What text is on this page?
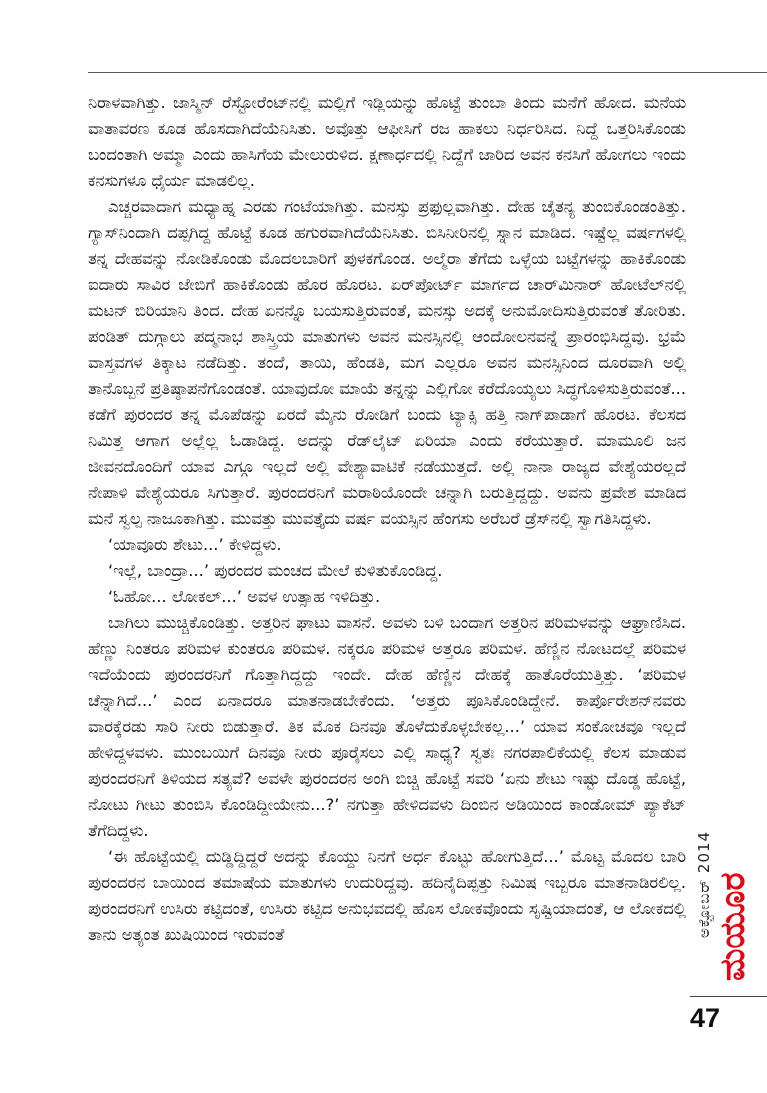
ನಿರಾಳವಾಗಿತ್ತು. ಜಾಸ್ಮಿನ್ ರೆಸ್ಟೋರೆಂಟ್‌ನಲ್ಲಿ ಮಲ್ಲಿಗೆ ಇಡ್ಲಿಯನ್ನು ಹೊಟ್ಟೆ ತುಂಬಾ ತಿಂದು ಮನೆಗೆ ಹೋದ. ಮನೆಯ ವಾತಾವರಣ ಕೂಡ ಹೊಸದಾಗಿದೆಯೆನಿಸಿತು. ಅವೊತ್ತು ಆಫೀಸಿಗೆ ರಜ ಹಾಕಲು ನಿರ್ಧರಿಸಿದ. ನಿದ್ದೆ ಒತ್ತರಿಸಿಕೊಂಡು ಬಂದಂತಾಗಿ ಅಮ್ಮಾ ಎಂದು ಹಾಸಿಗೆಯ ಮೇಲುರುಳಿದ. ಕ್ಷಣಾರ್ಧದಲ್ಲಿ ನಿದ್ದೆಗೆ ಜಾರಿದ ಅವನ ಕನಸಿಗೆ ಹೋಗಲು ಇಂದು ಕನಸುಗಳೂ ಧೈರ್ಯ ಮಾಡಲಿಲ್ಲ.

ಎಚ್ಚರವಾದಾಗ ಮಧ್ಯಾಹ್ನ ಎರಡು ಗಂಟೆಯಾಗಿತ್ತು. ಮನಸ್ಸು ಪ್ರಫುಲ್ಲವಾಗಿತ್ತು. ದೇಹ ಚೈತನ್ಯ ತುಂಬಿಕೊಂಡಂತಿತ್ತು. ಗ್ಯಾಸ್‌ನಿಂದಾಗಿ ದಪ್ಪಗಿದ್ದ ಹೊಟ್ಟೆ ಕೂಡ ಹಗುರವಾಗಿದೆಯೆನಿಸಿತು. ಬಿಸಿನೀರಿನಲ್ಲಿ ಸ್ನಾನ ಮಾಡಿದ. ಇಷ್ಟೆಲ್ಲ ವರ್ಷಗಳಲ್ಲಿ ತನ್ನ ದೇಹವನ್ನು ನೋಡಿಕೊಂಡು ಮೊದಲಬಾರಿಗೆ ಪುಳಕಗೊಂಡ. ಅಲ್ಮೆರಾ ತೆಗೆದು ಒಳ್ಳೆಯ ಬಟ್ಟೆಗಳನ್ನು ಹಾಕಿಕೊಂಡು ಐದಾರು ಸಾವಿರ ಜೇಬಿಗೆ ಹಾಕಿಕೊಂಡು ಹೊರ ಹೊರಟ. ಏರ್‌ಪೋರ್ಟ್ ಮಾರ್ಗದ ಚಾರ್‌ಮಿನಾರ್ ಹೋಟೆಲ್‌ನಲ್ಲಿ ಮಟನ್ ಬಿರಿಯಾನಿ ತಿಂದ. ದೇಹ ಏನನ್ನೊ ಬಯಸುತ್ತಿರುವಂತೆ, ಮನಸ್ಸು ಅದಕ್ಕೆ ಅನುಮೋದಿಸುತ್ತಿರುವಂತೆ ತೋರಿತು. ಪಂಡಿತ್ ದುಗ್ಗಾಲು ಪದ್ಮನಾಭ ಶಾಸ್ತ್ರಿಯ ಮಾತುಗಳು ಅವನ ಮನಸ್ಸಿನಲ್ಲಿ ಆಂದೋಲನವನ್ನೆ ಪ್ರಾರಂಭಿಸಿದ್ದವು. ಭ್ರಮೆ ವಾಸ್ತವಗಳ ತಿಕ್ಕಾಟ ನಡೆದಿತ್ತು. ತಂದೆ, ತಾಯಿ, ಹೆಂಡತಿ, ಮಗ ಎಲ್ಲರೂ ಅವನ ಮನಸ್ಸಿನಿಂದ ದೂರವಾಗಿ ಅಲ್ಲಿ ತಾನೊಬ್ಬನೆ ಪ್ರತಿಷ್ಠಾಪನೆಗೊಂಡಂತೆ. ಯಾವುದೋ ಮಾಯೆ ತನ್ನನ್ನು ಎಲ್ಲಿಗೋ ಕರೆದೊಯ್ಯಲು ಸಿದ್ಧಗೊಳಿಸುತ್ತಿರುವಂತೆ... ಕಡೆಗೆ ಪುರಂದರ ತನ್ನ ಮೊಪೆಡನ್ನು ಏರದೆ ಮೈನು ರೋಡಿಗೆ ಬಂದು ಟ್ಯಾಕ್ಸಿ ಹತ್ತಿ ನಾಗ್‌ಪಾಡಾಗೆ ಹೊರಟ. ಕೆಲಸದ ನಿಮಿತ್ತ ಆಗಾಗ ಅಲ್ಲೆಲ್ಲ ಓಡಾಡಿದ್ದ. ಅದನ್ನು ರೆಡ್‌ಲೈಟ್ ಏರಿಯಾ ಎಂದು ಕರೆಯುತ್ತಾರೆ. ಮಾಮೂಲಿ ಜನ ಜೀವನದೊಂದಿಗೆ ಯಾವ ಎಗ್ಗೂ ಇಲ್ಲದೆ ಅಲ್ಲಿ ವೇಶ್ಯಾವಾಟಿಕೆ ನಡೆಯುತ್ತದೆ. ಅಲ್ಲಿ ನಾನಾ ರಾಜ್ಯದ ವೇಶ್ಯೆಯರಲ್ಲದೆ ನೇಪಾಳಿ ವೇಶ್ಯೆಯರೂ ಸಿಗುತ್ತಾರೆ. ಪುರಂದರನಿಗೆ ಮರಾಠಿಯೊಂದೇ ಚನ್ನಾಗಿ ಬರುತ್ತಿದ್ದದ್ದು. ಅವನು ಪ್ರವೇಶ ಮಾಡಿದ ಮನೆ ಸ್ವಲ್ಪ ನಾಜೂಕಾಗಿತ್ತು. ಮುವತ್ತು ಮುವತ್ತೈದು ವರ್ಷ ವಯಸ್ಸಿನ ಹೆಂಗಸು ಅರೆಬರೆ ಡ್ರೆಸ್‌ನಲ್ಲಿ ಸ್ವಾಗತಿಸಿದ್ದಳು.

‘ಯಾವೂರು ಶೇಟು...’ ಕೇಳಿದ್ದಳು.

‘ಇಲ್ಲೆ, ಬಾಂದ್ರಾ...’ ಪುರಂದರ ಮಂಚದ ಮೇಲೆ ಕುಳಿತುಕೊಂಡಿದ್ದ.

‘ಓಹೋ... ಲೋಕಲ್...’ ಅವಳ ಉತ್ಸಾಹ ಇಳಿದಿತ್ತು.

ಬಾಗಿಲು ಮುಚ್ಚಿಕೊಂಡಿತ್ತು. ಅತ್ತರಿನ ಘಾಟು ವಾಸನೆ. ಅವಳು ಬಳಿ ಬಂದಾಗ ಅತ್ತರಿನ ಪರಿಮಳವನ್ನು ಆಘ್ರಾಣಿಸಿದ. ಹೆಣ್ಣು ನಿಂತರೂ ಪರಿಮಳ ಕುಂತರೂ ಪರಿಮಳ. ನಕ್ಕರೂ ಪರಿಮಳ ಅತ್ತರೂ ಪರಿಮಳ. ಹೆಣ್ಣಿನ ನೋಟದಲ್ಲೆ ಪರಿಮಳ ಇದೆಯೆಂದು ಪುರಂದರನಿಗೆ ಗೊತ್ತಾಗಿದ್ದದ್ದು ಇಂದೇ. ದೇಹ ಹೆಣ್ಣಿನ ದೇಹಕ್ಕೆ ಹಾತೊರೆಯುತ್ತಿತ್ತು. ‘ಪರಿಮಳ ಚೆನ್ನಾಗಿದೆ...’ ಎಂದ ಏನಾದರೂ ಮಾತನಾಡಬೇಕೆಂದು. ‘ಅತ್ತರು ಪೂಸಿಕೊಂಡಿದ್ದೇನೆ. ಕಾರ್ಪೊರೇಶನ್‌ನವರು ವಾರಕ್ಕೆರಡು ಸಾರಿ ನೀರು ಬಿಡುತ್ತಾರೆ. ತಿಕ ಮೊಕ ದಿನವೂ ತೊಳೆದುಕೊಳ್ಳಬೇಕಲ್ಲ...’ ಯಾವ ಸಂಕೋಚವೂ ಇಲ್ಲದೆ ಹೇಳಿದ್ದಳವಳು. ಮುಂಬಯಿಗೆ ದಿನವೂ ನೀರು ಪೂರೈಸಲು ಎಲ್ಲಿ ಸಾಧ್ಯ? ಸ್ವತಃ ನಗರಪಾಲಿಕೆಯಲ್ಲಿ ಕೆಲಸ ಮಾಡುವ ಪುರಂದರನಿಗೆ ತಿಳಿಯದ ಸತ್ಯವೆ? ಅವಳೇ ಪುರಂದರನ ಅಂಗಿ ಬಿಚ್ಚಿ ಹೊಟ್ಟೆ ಸವರಿ ‘ಏನು ಶೇಟು ಇಷ್ಟು ದೊಡ್ಡ ಹೊಟ್ಟೆ, ನೋಟು ಗೀಟು ತುಂಬಿಸಿ ಕೊಂಡಿದ್ದೀಯೇನು...?’ ನಗುತ್ತಾ ಹೇಳಿದವಳು ದಿಂಬಿನ ಅಡಿಯಿಂದ ಕಾಂಡೋಮ್ ಪ್ಯಾಕೆಟ್ ತೆಗೆದಿದ್ದಳು.

‘ಈ ಹೊಟ್ಟೆಯಲ್ಲಿ ದುಡ್ಡಿದ್ದಿದ್ದರೆ ಅದನ್ನು ಕೊಯ್ದು ನಿನಗೆ ಅರ್ಧ ಕೊಟ್ಟು ಹೋಗುತ್ತಿದೆ...’ ಮೊಟ್ಟ ಮೊದಲ ಬಾರಿ ಪುರಂದರನ ಬಾಯಿಂದ ತಮಾಷೆಯ ಮಾತುಗಳು ಉದುರಿದ್ದವು. ಹದಿನೈದಿಪ್ಪತ್ತು ನಿಮಿಷ ಇಬ್ಬರೂ ಮಾತನಾಡಿರಲಿಲ್ಲ. ಪುರಂದರನಿಗೆ ಉಸಿರು ಕಟ್ಟಿದಂತೆ, ಉಸಿರು ಕಟ್ಟಿದ ಅನುಭವದಲ್ಲಿ ಹೊಸ ಲೋಕವೊಂದು ಸೃಷ್ಟಿಯಾದಂತೆ, ಆ ಲೋಕದಲ್ಲಿ ತಾನು ಅತ್ಯಂತ ಖುಷಿಯಿಂದ ಇರುವಂತೆ	ಅಕ್ಟೋಬರ್ 2014 ಮಯೂರ
47
